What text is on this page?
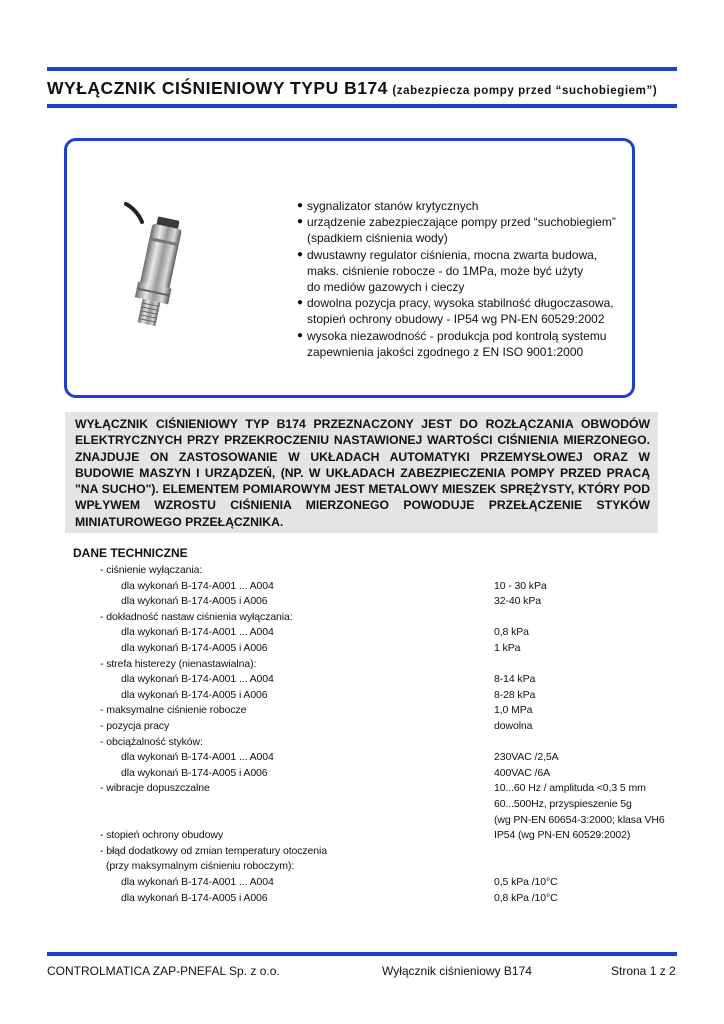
WYŁĄCZNIK CIŚNIENIOWY TYPU B174 (zabezpiecza pompy przed “suchobiegiem”)
● sygnalizator stanów krytycznych
● urządzenie zabezpieczające pompy przed “suchobiegiem”
(spadkiem ciśnienia wody)
● dwustawny regulator ciśnienia, mocna zwarta budowa,
maks. ciśnienie robocze - do 1MPa, może być użyty
do mediów gazowych i cieczy
● dowolna pozycja pracy, wysoka stabilność długoczasowa,
stopień ochrony obudowy - IP54 wg PN-EN 60529:2002
● wysoka niezawodność - produkcja pod kontrolą systemu
zapewnienia jakości zgodnego z EN ISO 9001:2000

WYŁĄCZNIK CIŚNIENIOWY TYP B174 PRZEZNACZONY JEST DO ROZŁĄCZANIA OBWODÓW ELEKTRYCZNYCH PRZY PRZEKROCZENIU NASTAWIONEJ WARTOŚCI CIŚNIENIA MIERZONEGO. ZNAJDUJE ON ZASTOSOWANIE W UKŁADACH AUTOMATYKI PRZEMYSŁOWEJ ORAZ W BUDOWIE MASZYN I URZĄDZEŃ, (NP. W UKŁADACH ZABEZPIECZENIA POMPY PRZED PRACĄ "NA SUCHO"). ELEMENTEM POMIAROWYM JEST METALOWY MIESZEK SPRĘŻYSTY, KTÓRY POD WPŁYWEM WZROSTU CIŚNIENIA MIERZONEGO POWODUJE PRZEŁĄCZENIE STYKÓW MINIATUROWEGO PRZEŁĄCZNIKA.

DANE TECHNICZNE
- ciśnienie wyłączania:
dla wykonań B-174-A001 ... A004	10 - 30 kPa
dla wykonań B-174-A005 i A006	32-40 kPa
- dokładność nastaw ciśnienia wyłączania:
dla wykonań B-174-A001 ... A004	0,8 kPa
dla wykonań B-174-A005 i A006	1 kPa
- strefa histerezy (nienastawialna):
dla wykonań B-174-A001 ... A004	8-14 kPa
dla wykonań B-174-A005 i A006	8-28 kPa
- maksymalne ciśnienie robocze	1,0 MPa
- pozycja pracy	dowolna
- obciążalność styków:
dla wykonań B-174-A001 ... A004	230VAC /2,5A
dla wykonań B-174-A005 i A006	400VAC /6A
- wibracje dopuszczalne	10...60 Hz / amplituda <0,3 5 mm
60...500Hz, przyspieszenie 5g
(wg PN-EN 60654-3:2000; klasa VH6
- stopień ochrony obudowy	IP54 (wg PN-EN 60529:2002)
- błąd dodatkowy od zmian temperatury otoczenia
(przy maksymalnym ciśnieniu roboczym):
dla wykonań B-174-A001 ... A004	0,5 kPa /10°C
dla wykonań B-174-A005 i A006	0,8 kPa /10°C
CONTROLMATICA ZAP-PNEFAL Sp. z o.o.	Wyłącznik ciśnieniowy B174	Strona 1 z 2
